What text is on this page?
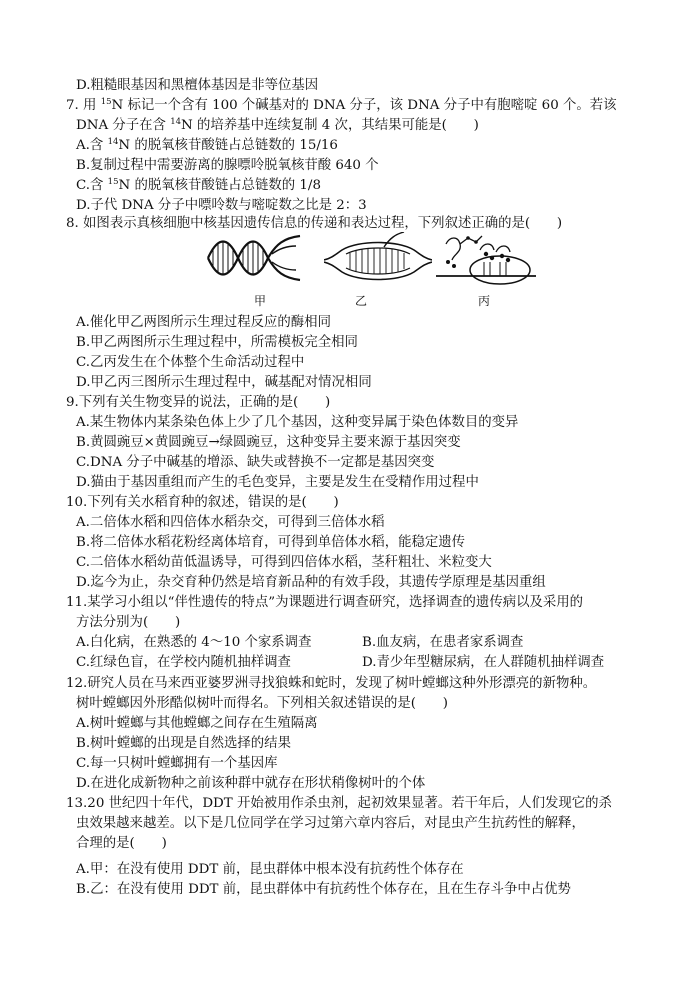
D.粗糙眼基因和黑檀体基因是非等位基因
7. 用 $^{15}$N 标记一个含有 100 个碱基对的 DNA 分子，该 DNA 分子中有胞嘧啶 60 个。若该
DNA 分子在含 $^{14}$N 的培养基中连续复制 4 次，其结果可能是(　　)
A.含 $^{14}$N 的脱氧核苷酸链占总链数的 15/16
B.复制过程中需要游离的腺嘌呤脱氧核苷酸 640 个
C.含 $^{15}$N 的脱氧核苷酸链占总链数的 1/8
D.子代 DNA 分子中嘌呤数与嘧啶数之比是 2：3
8. 如图表示真核细胞中核基因遗传信息的传递和表达过程，下列叙述正确的是(　　)
甲	乙	丙
A.催化甲乙两图所示生理过程反应的酶相同
B.甲乙两图所示生理过程中，所需模板完全相同
C.乙丙发生在个体整个生命活动过程中
D.甲乙丙三图所示生理过程中，碱基配对情况相同
9.下列有关生物变异的说法，正确的是(　　)
A.某生物体内某条染色体上少了几个基因，这种变异属于染色体数目的变异
B.黄圆豌豆×黄圆豌豆→绿圆豌豆，这种变异主要来源于基因突变
C.DNA 分子中碱基的增添、缺失或替换不一定都是基因突变
D.猫由于基因重组而产生的毛色变异，主要是发生在受精作用过程中
10.下列有关水稻育种的叙述，错误的是(　　)
A.二倍体水稻和四倍体水稻杂交，可得到三倍体水稻
B.将二倍体水稻花粉经离体培育，可得到单倍体水稻，能稳定遗传
C.二倍体水稻幼苗低温诱导，可得到四倍体水稻，茎秆粗壮、米粒变大
D.迄今为止，杂交育种仍然是培育新品种的有效手段，其遗传学原理是基因重组
11.某学习小组以“伴性遗传的特点”为课题进行调查研究，选择调查的遗传病以及采用的
方法分别为(　　)
A.白化病，在熟悉的 4～10 个家系调查	B.血友病，在患者家系调查
C.红绿色盲，在学校内随机抽样调查	D.青少年型糖尿病，在人群随机抽样调查
12.研究人员在马来西亚婆罗洲寻找狼蛛和蛇时，发现了树叶螳螂这种外形漂亮的新物种。
树叶螳螂因外形酷似树叶而得名。下列相关叙述错误的是(　　)
A.树叶螳螂与其他螳螂之间存在生殖隔离
B.树叶螳螂的出现是自然选择的结果
C.每一只树叶螳螂拥有一个基因库
D.在进化成新物种之前该种群中就存在形状稍像树叶的个体
13.20 世纪四十年代，DDT 开始被用作杀虫剂，起初效果显著。若干年后，人们发现它的杀
虫效果越来越差。以下是几位同学在学习过第六章内容后，对昆虫产生抗药性的解释，
合理的是(　　)
A.甲：在没有使用 DDT 前，昆虫群体中根本没有抗药性个体存在
B.乙：在没有使用 DDT 前，昆虫群体中有抗药性个体存在，且在生存斗争中占优势
